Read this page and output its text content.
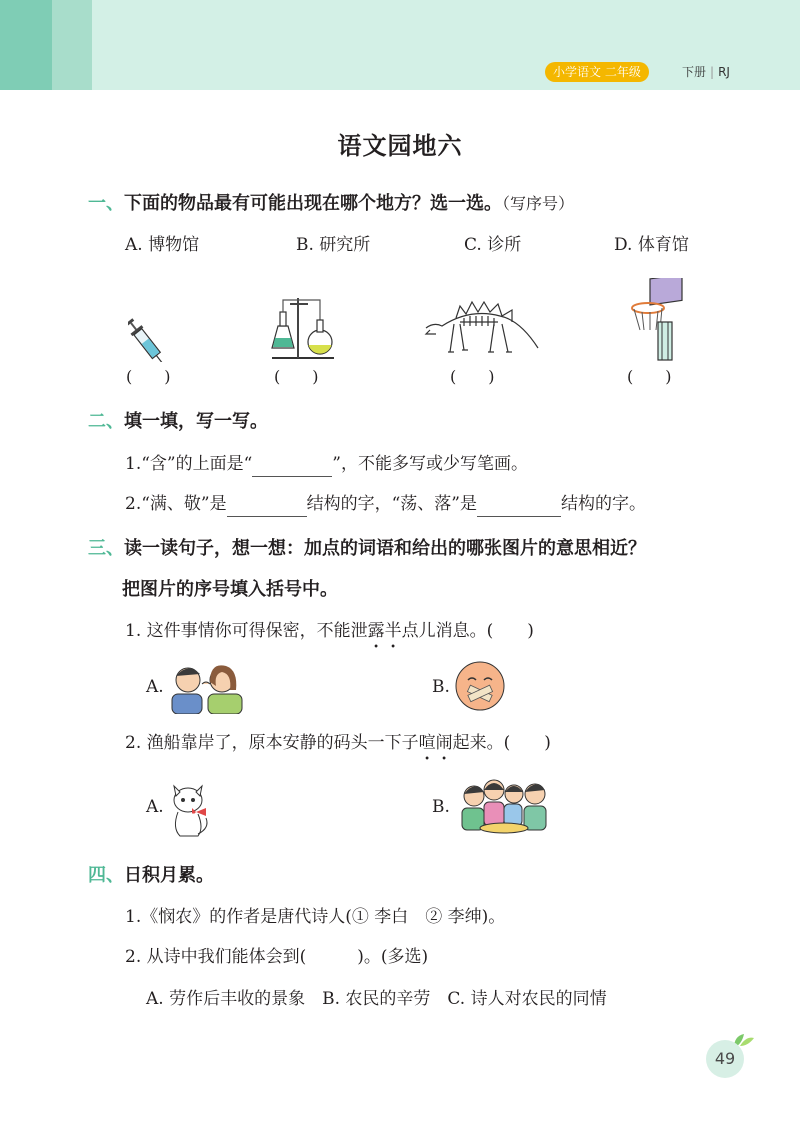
小学语文 二年级	下册 | RJ
语文园地六
一、下面的物品最有可能出现在哪个地方？选一选。（写序号）
A. 博物馆	B. 研究所	C. 诊所	D. 体育馆
(　　)	(　　)	(　　)	(　　)
二、填一填，写一写。
1.“含”的上面是“	”，不能多写或少写笔画。
2.“满、敬”是	结构的字，“荡、落”是	结构的字。
三、读一读句子，想一想：加点的词语和给出的哪张图片的意思相近？
把图片的序号填入括号中。
1. 这件事情你可得保密，不能泄露半点儿消息。(　　)
A.	B.
2. 渔船靠岸了，原本安静的码头一下子喧闹起来。(　　)
A.	B.
四、日积月累。
1.《悯农》的作者是唐代诗人(① 李白　② 李绅)。
2. 从诗中我们能体会到(　　　)。(多选)
A. 劳作后丰收的景象　B. 农民的辛劳　C. 诗人对农民的同情
49
